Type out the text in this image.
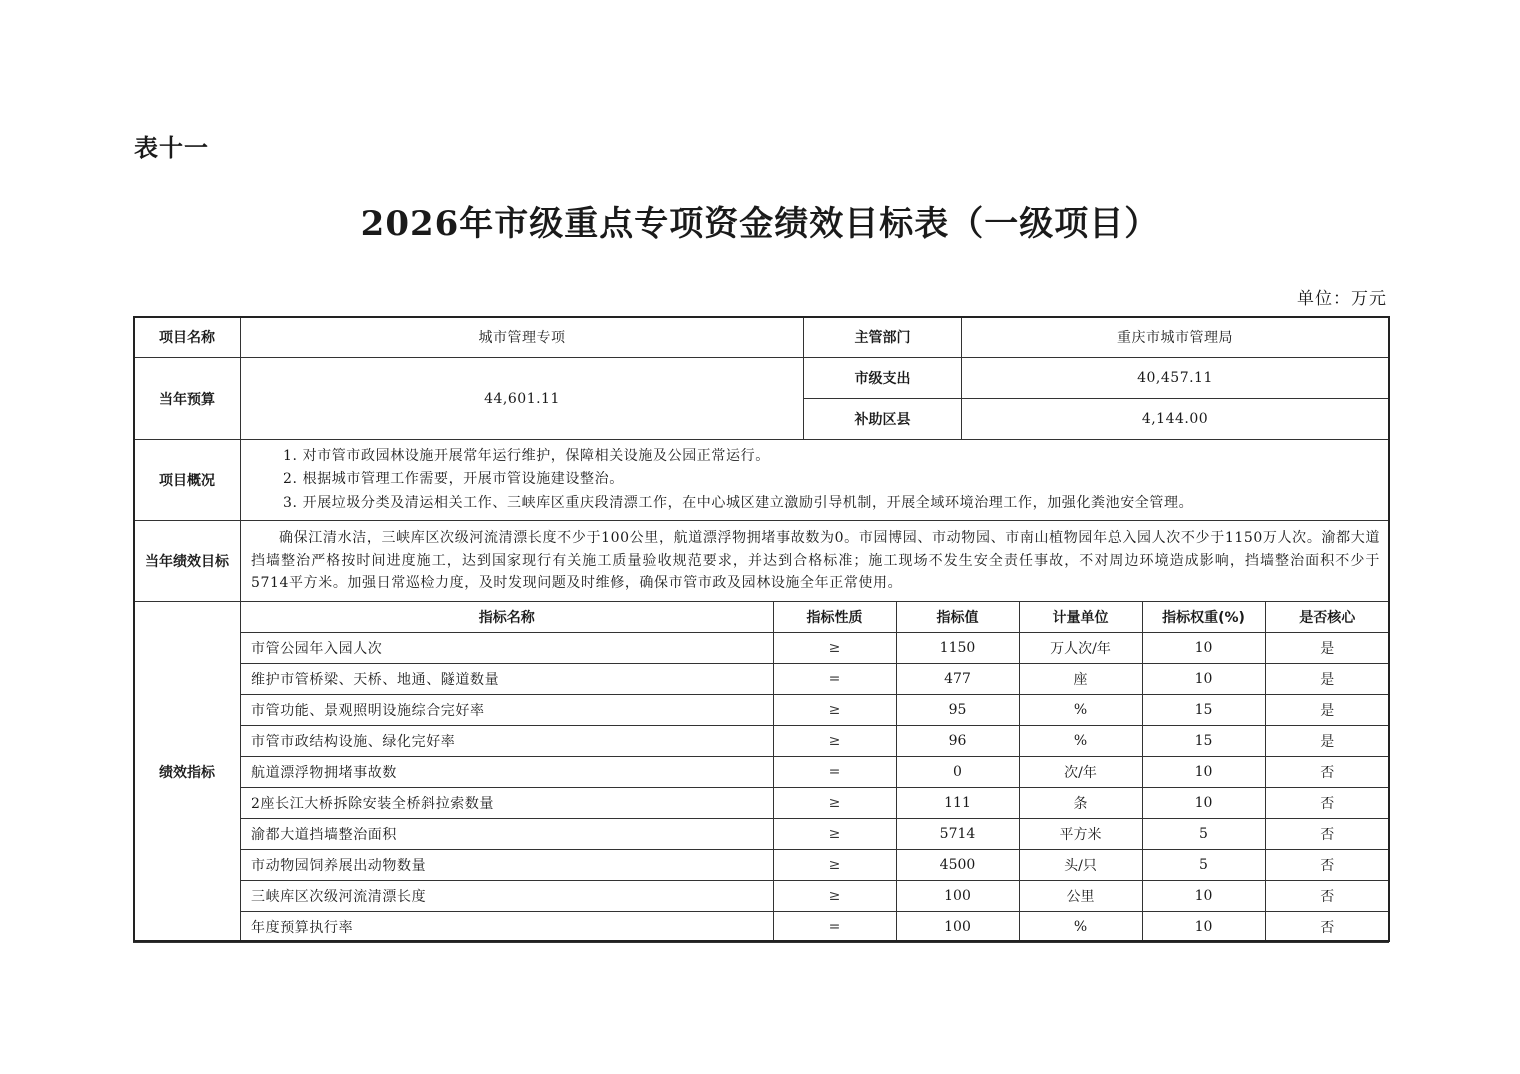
表十一
2026年市级重点专项资金绩效目标表（一级项目）
单位：万元
项目名称	城市管理专项	主管部门	重庆市城市管理局
当年预算	44,601.11	市级支出	40,457.11
补助区县	4,144.00
项目概况	
1. 对市管市政园林设施开展常年运行维护，保障相关设施及公园正常运行。
2. 根据城市管理工作需要，开展市管设施建设整治。
3. 开展垃圾分类及清运相关工作、三峡库区重庆段清漂工作，在中心城区建立激励引导机制，开展全域环境治理工作，加强化粪池安全管理。

当年绩效目标	确保江清水洁，三峡库区次级河流清漂长度不少于100公里，航道漂浮物拥堵事故数为0。市园博园、市动物园、市南山植物园年总入园人次不少于1150万人次。渝都大道挡墙整治严格按时间进度施工，达到国家现行有关施工质量验收规范要求，并达到合格标准；施工现场不发生安全责任事故，不对周边环境造成影响，挡墙整治面积不少于5714平方米。加强日常巡检力度，及时发现问题及时维修，确保市管市政及园林设施全年正常使用。
绩效指标	
指标名称	指标性质	指标值	计量单位	指标权重(%)	是否核心
市管公园年入园人次	≥	1150	万人次/年	10	是
维护市管桥梁、天桥、地通、隧道数量	=	477	座	10	是
市管功能、景观照明设施综合完好率	≥	95	%	15	是
市管市政结构设施、绿化完好率	≥	96	%	15	是
航道漂浮物拥堵事故数	=	0	次/年	10	否
2座长江大桥拆除安装全桥斜拉索数量	≥	111	条	10	否
渝都大道挡墙整治面积	≥	5714	平方米	5	否
市动物园饲养展出动物数量	≥	4500	头/只	5	否
三峡库区次级河流清漂长度	≥	100	公里	10	否
年度预算执行率	=	100	%	10	否
